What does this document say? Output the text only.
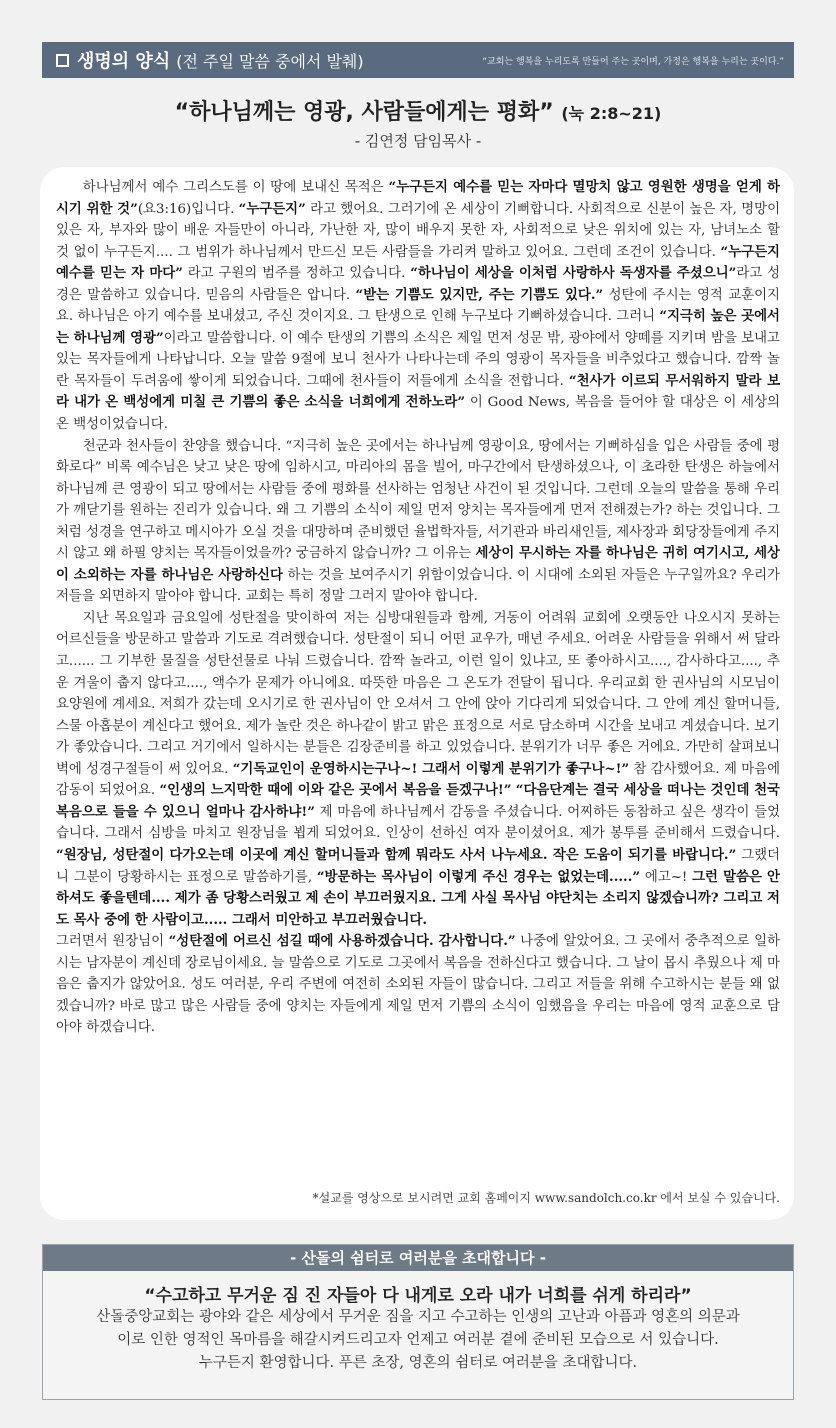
생명의 양식 (전 주일 말씀 중에서 발췌)	“교회는 행복을 누리도록 만들어 주는 곳이며, 가정은 행복을 누리는 곳이다.”
“하나님께는 영광, 사람들에게는 평화” (눅 2:8~21)
- 김연정 담임목사 -

하나님께서 예수 그리스도를 이 땅에 보내신 목적은 “누구든지 예수를 믿는 자마다 멸망치 않고 영원한 생명을 얻게 하시기 위한 것”(요3:16)입니다. “누구든지” 라고 했어요. 그러기에 온 세상이 기뻐합니다. 사회적으로 신분이 높은 자, 명망이 있은 자, 부자와 많이 배운 자들만이 아니라, 가난한 자, 많이 배우지 못한 자, 사회적으로 낮은 위치에 있는 자, 남녀노소 할 것 없이 누구든지.... 그 범위가 하나님께서 만드신 모든 사람들을 가리켜 말하고 있어요. 그런데 조건이 있습니다. “누구든지 예수를 믿는 자 마다” 라고 구원의 범주를 정하고 있습니다. “하나님이 세상을 이처럼 사랑하사 독생자를 주셨으니”라고 성경은 말씀하고 있습니다. 믿음의 사람들은 압니다. “받는 기쁨도 있지만, 주는 기쁨도 있다.” 성탄에 주시는 영적 교훈이지요. 하나님은 아기 예수를 보내셨고, 주신 것이지요. 그 탄생으로 인해 누구보다 기뻐하셨습니다. 그러니 “지극히 높은 곳에서는 하나님께 영광”이라고 말씀합니다. 이 예수 탄생의 기쁨의 소식은 제일 먼저 성문 밖, 광야에서 양떼를 지키며 밤을 보내고 있는 목자들에게 나타납니다. 오늘 말씀 9절에 보니 천사가 나타나는데 주의 영광이 목자들을 비추었다고 했습니다. 깜짝 놀란 목자들이 두려움에 쌓이게 되었습니다. 그때에 천사들이 저들에게 소식을 전합니다. “천사가 이르되 무서워하지 말라 보라 내가 온 백성에게 미칠 큰 기쁨의 좋은 소식을 너희에게 전하노라” 이 Good News, 복음을 들어야 할 대상은 이 세상의 온 백성이었습니다.

천군과 천사들이 찬양을 했습니다. “지극히 높은 곳에서는 하나님께 영광이요, 땅에서는 기뻐하심을 입은 사람들 중에 평화로다” 비록 예수님은 낮고 낮은 땅에 임하시고, 마리아의 몸을 빌어, 마구간에서 탄생하셨으나, 이 초라한 탄생은 하늘에서 하나님께 큰 영광이 되고 땅에서는 사람들 중에 평화를 선사하는 엄청난 사건이 된 것입니다. 그런데 오늘의 말씀을 통해 우리가 깨닫기를 원하는 진리가 있습니다. 왜 그 기쁨의 소식이 제일 먼저 양치는 목자들에게 먼저 전해졌는가? 하는 것입니다. 그처럼 성경을 연구하고 메시아가 오실 것을 대망하며 준비했던 율법학자들, 서기관과 바리새인들, 제사장과 회당장들에게 주지시 않고 왜 하필 양치는 목자들이었을까? 궁금하지 않습니까? 그 이유는 세상이 무시하는 자를 하나님은 귀히 여기시고, 세상이 소외하는 자를 하나님은 사랑하신다 하는 것을 보여주시기 위함이었습니다. 이 시대에 소외된 자들은 누구일까요? 우리가 저들을 외면하지 말아야 합니다. 교회는 특히 정말 그러지 말아야 합니다.

지난 목요일과 금요일에 성탄절을 맞이하여 저는 심방대원들과 함께, 거동이 어려워 교회에 오랫동안 나오시지 못하는 어르신들을 방문하고 말씀과 기도로 격려했습니다. 성탄절이 되니 어떤 교우가, 매년 주세요. 어려운 사람들을 위해서 써 달라고...... 그 기부한 물질을 성탄선물로 나눠 드렸습니다. 깜짝 놀라고, 이런 일이 있냐고, 또 좋아하시고...., 감사하다고...., 추운 겨울이 춥지 않다고...., 액수가 문제가 아니에요. 따뜻한 마음은 그 온도가 전달이 됩니다. 우리교회 한 권사님의 시모님이 요양원에 계세요. 저희가 갔는데 오시기로 한 권사님이 안 오셔서 그 안에 앉아 기다리게 되었습니다. 그 안에 계신 할머니들, 스물 아홉분이 계신다고 했어요. 제가 놀란 것은 하나같이 밝고 맑은 표정으로 서로 담소하며 시간을 보내고 계셨습니다. 보기가 좋았습니다. 그리고 거기에서 일하시는 분들은 김장준비를 하고 있었습니다. 분위기가 너무 좋은 거에요. 가만히 살펴보니 벽에 성경구절들이 써 있어요. “기독교인이 운영하시는구나~! 그래서 이렇게 분위기가 좋구나~!” 참 감사했어요. 제 마음에 감동이 되었어요. “인생의 느지막한 때에 이와 같은 곳에서 복음을 듣겠구나!” “다음단계는 결국 세상을 떠나는 것인데 천국복음으로 들을 수 있으니 얼마나 감사하냐!” 제 마음에 하나님께서 감동을 주셨습니다. 어찌하든 동참하고 싶은 생각이 들었습니다. 그래서 심방을 마치고 원장님을 뵙게 되었어요. 인상이 선하신 여자 분이셨어요. 제가 봉투를 준비해서 드렸습니다. “원장님, 성탄절이 다가오는데 이곳에 계신 할머니들과 함께 뭐라도 사서 나누세요. 작은 도움이 되기를 바랍니다.” 그랬더니 그분이 당황하시는 표정으로 말씀하기를, “방문하는 목사님이 이렇게 주신 경우는 없었는데.....” 에고~! 그런 말씀은 안하셔도 좋을텐데.... 제가 좀 당황스러웠고 제 손이 부끄러웠지요. 그게 사실 목사님 야단치는 소리지 않겠습니까? 그리고 저도 목사 중에 한 사람이고..... 그래서 미안하고 부끄러웠습니다.

그러면서 원장님이 “성탄절에 어르신 섬길 때에 사용하겠습니다. 감사합니다.” 나중에 알았어요. 그 곳에서 중추적으로 일하시는 남자분이 계신데 장로님이세요. 늘 말씀으로 기도로 그곳에서 복음을 전하신다고 했습니다. 그 날이 몹시 추웠으나 제 마음은 춥지가 않았어요. 성도 여러분, 우리 주변에 여전히 소외된 자들이 많습니다. 그리고 저들을 위해 수고하시는 분들 왜 없겠습니까? 바로 많고 많은 사람들 중에 양치는 자들에게 제일 먼저 기쁨의 소식이 임했음을 우리는 마음에 영적 교훈으로 담아야 하겠습니다.

*설교를 영상으로 보시려면 교회 홈페이지 www.sandolch.co.kr 에서 보실 수 있습니다.
- 산돌의 쉼터로 여러분을 초대합니다 -
“수고하고 무거운 짐 진 자들아 다 내게로 오라 내가 너희를 쉬게 하리라”
산돌중앙교회는 광야와 같은 세상에서 무거운 짐을 지고 수고하는 인생의 고난과 아픔과 영혼의 의문과
이로 인한 영적인 목마름을 해갈시켜드리고자 언제고 여러분 곁에 준비된 모습으로 서 있습니다.
누구든지 환영합니다. 푸른 초장, 영혼의 쉼터로 여러분을 초대합니다.
